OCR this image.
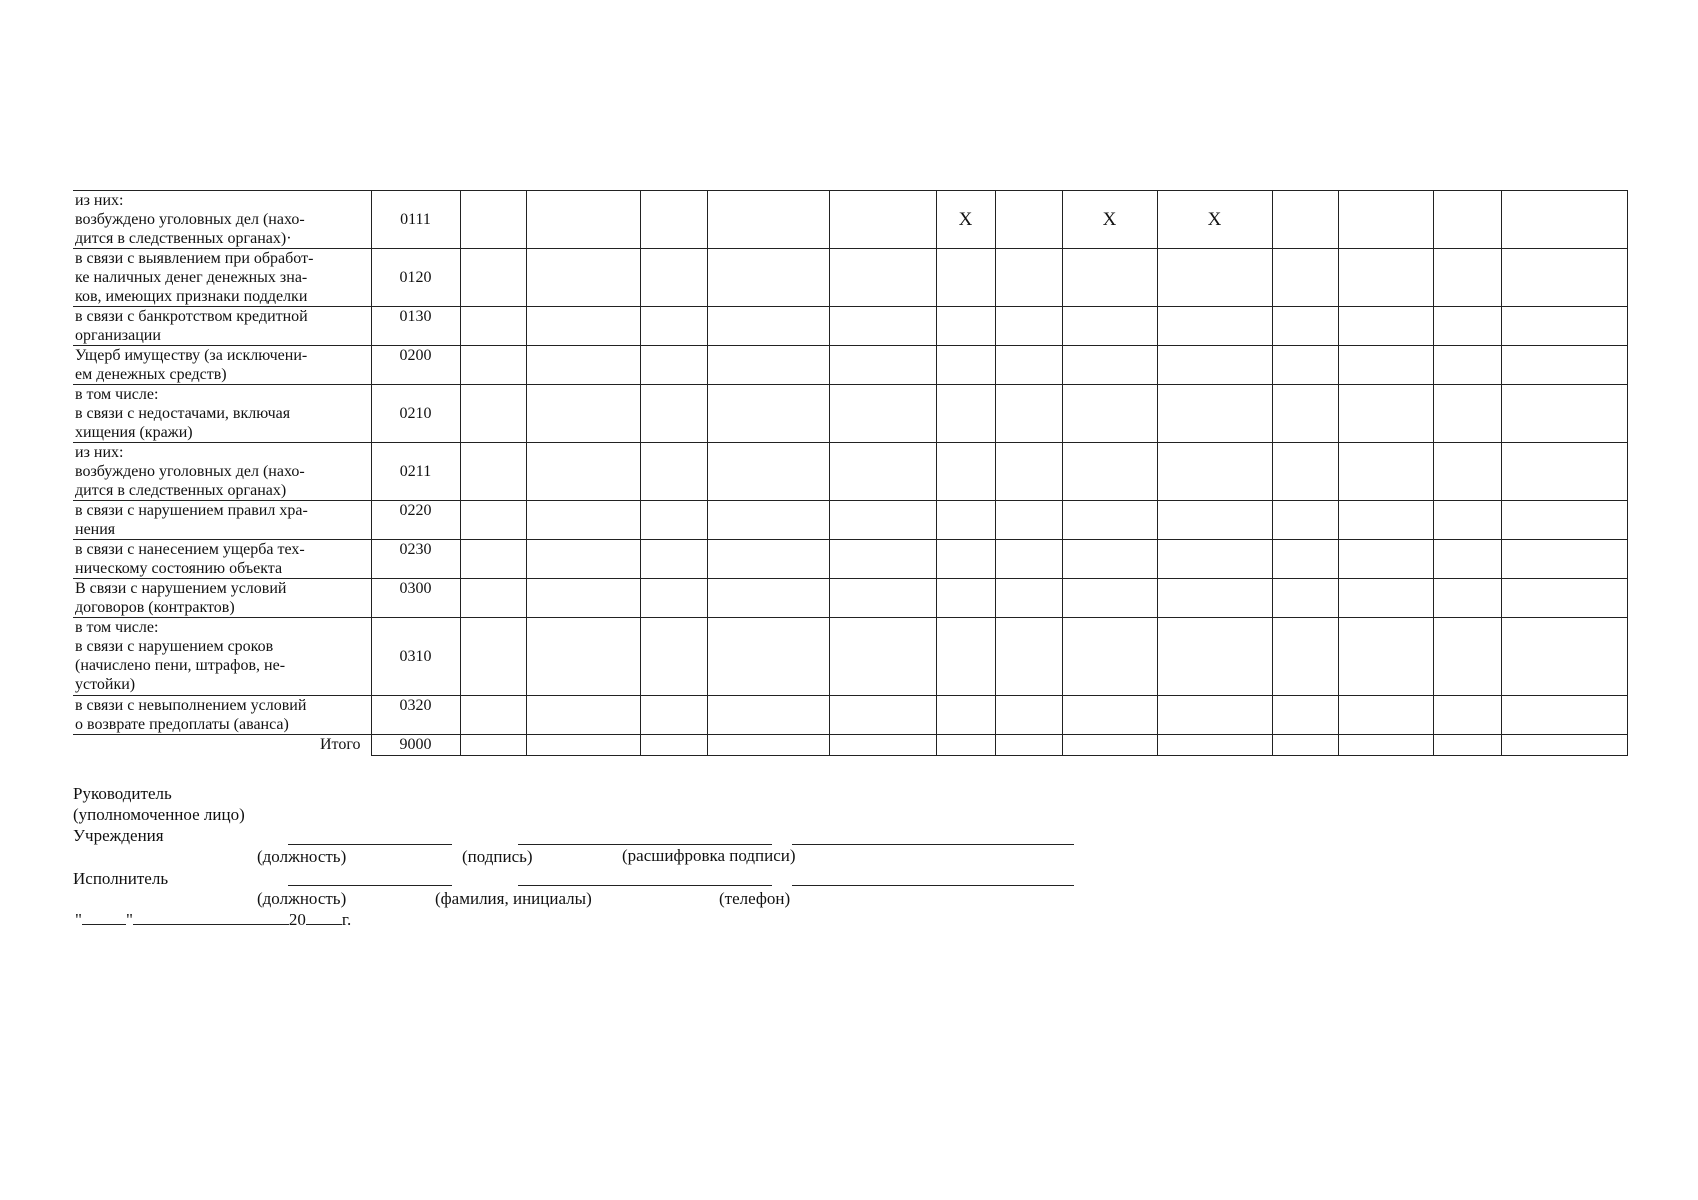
из них:
возбуждено уголовных дел (нахо-
дится в следственных органах)·	0111						X		X	X				

в связи с выявлением при обработ-
ке наличных денег денежных зна-
ков, имеющих признаки подделки	0120													

в связи с банкротством кредитной
организации	0130													

Ущерб имуществу (за исключени-
ем денежных средств)	0200													

в том числе:
в связи с недостачами, включая
хищения (кражи)	0210													

из них:
возбуждено уголовных дел (нахо-
дится в следственных органах)	0211													

в связи с нарушением правил хра-
нения	0220													

в связи с нанесением ущерба тех-
ническому состоянию объекта	0230													

В связи с нарушением условий
договоров (контрактов)	0300													

в том числе:
в связи с нарушением сроков
(начислено пени, штрафов, не-
устойки)	0310													

в связи с невыполнением условий
о возврате предоплаты (аванса)	0320													

Итого	9000													
Руководитель
(уполномоченное лицо)
Учреждения
(должность)	(подпись)	(расшифровка подписи)
Исполнитель
(должность)	(фамилия, инициалы)	(телефон)
"	"	20 г.
